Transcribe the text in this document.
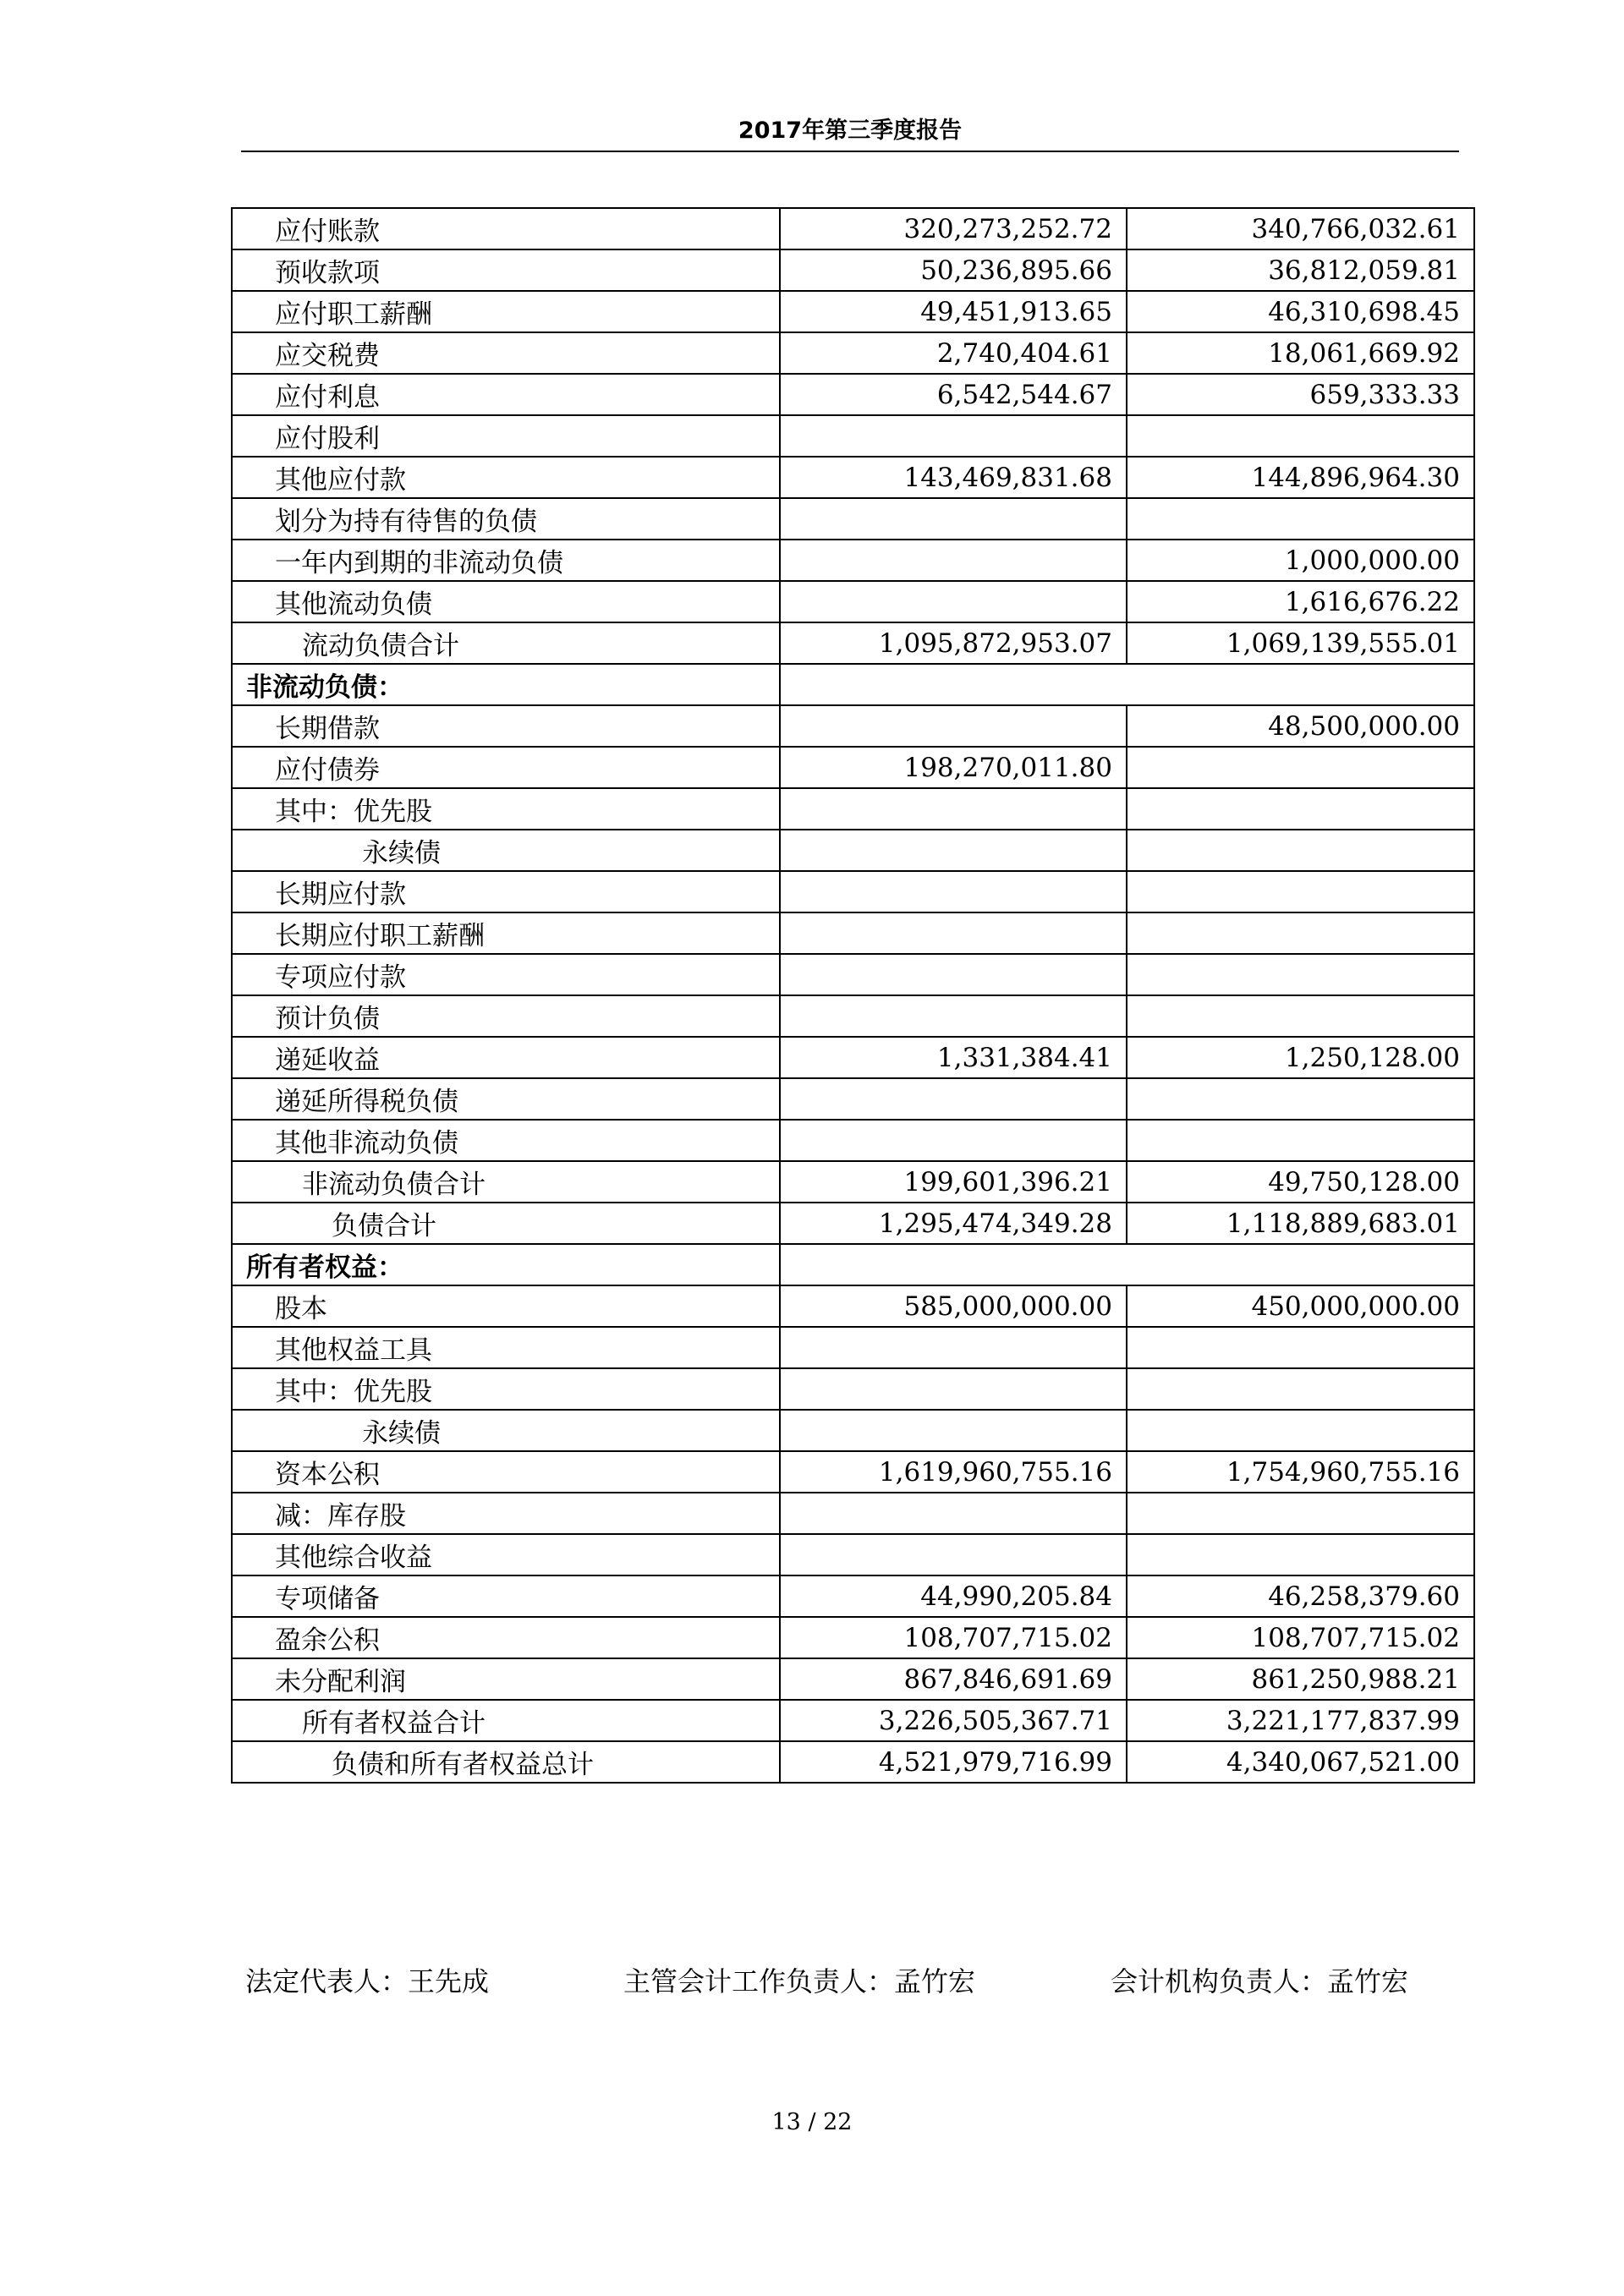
2017年第三季度报告
应付账款	320,273,252.72	340,766,032.61
预收款项	50,236,895.66	36,812,059.81
应付职工薪酬	49,451,913.65	46,310,698.45
应交税费	2,740,404.61	18,061,669.92
应付利息	6,542,544.67	659,333.33
应付股利		
其他应付款	143,469,831.68	144,896,964.30
划分为持有待售的负债		
一年内到期的非流动负债		1,000,000.00
其他流动负债		1,616,676.22
流动负债合计	1,095,872,953.07	1,069,139,555.01
非流动负债：		
长期借款		48,500,000.00
应付债券	198,270,011.80	
其中：优先股		
永续债		
长期应付款		
长期应付职工薪酬		
专项应付款		
预计负债		
递延收益	1,331,384.41	1,250,128.00
递延所得税负债		
其他非流动负债		
非流动负债合计	199,601,396.21	49,750,128.00
负债合计	1,295,474,349.28	1,118,889,683.01
所有者权益：		
股本	585,000,000.00	450,000,000.00
其他权益工具		
其中：优先股		
永续债		
资本公积	1,619,960,755.16	1,754,960,755.16
减：库存股		
其他综合收益		
专项储备	44,990,205.84	46,258,379.60
盈余公积	108,707,715.02	108,707,715.02
未分配利润	867,846,691.69	861,250,988.21
所有者权益合计	3,226,505,367.71	3,221,177,837.99
负债和所有者权益总计	4,521,979,716.99	4,340,067,521.00
法定代表人：王先成	主管会计工作负责人：孟竹宏	会计机构负责人：孟竹宏
13 / 22
